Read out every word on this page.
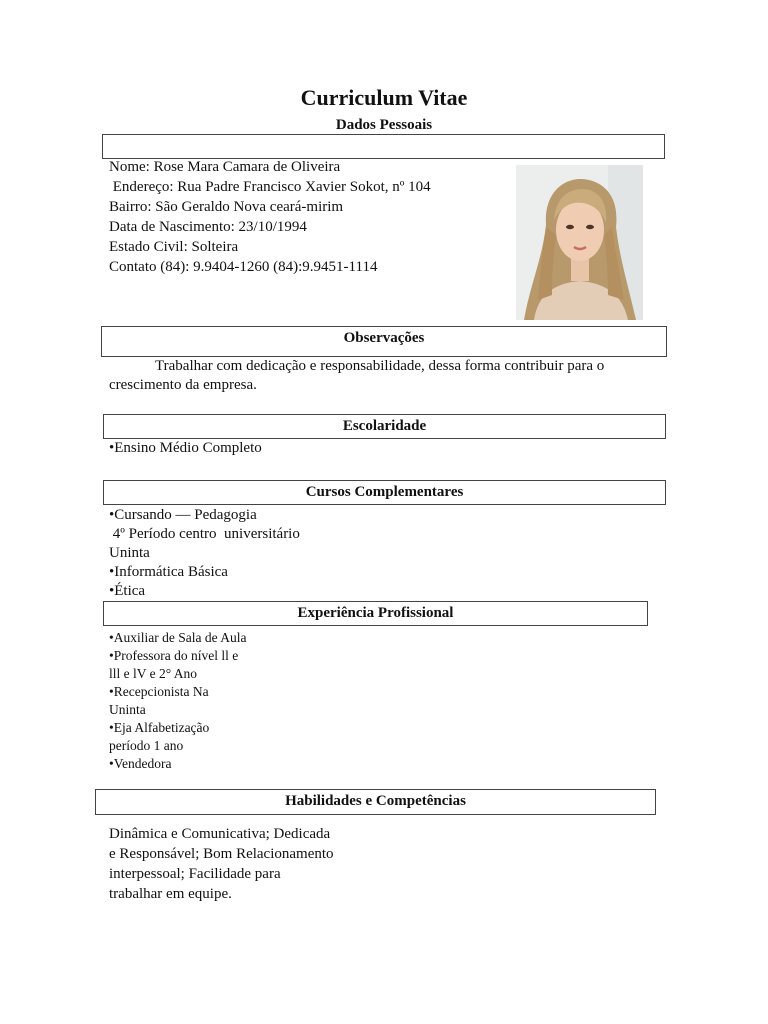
Curriculum Vitae
Dados Pessoais
Nome: Rose Mara Camara de Oliveira
Endereço: Rua Padre Francisco Xavier Sokot, nº 104
Bairro: São Geraldo Nova ceará-mirim
Data de Nascimento: 23/10/1994
Estado Civil: Solteira
Contato (84): 9.9404-1260 (84):9.9451-1114
Observações
Trabalhar com dedicação e responsabilidade, dessa forma contribuir para o
crescimento da empresa.
Escolaridade
•Ensino Médio Completo
Cursos Complementares
•Cursando — Pedagogia
4º Período centro  universitário
Uninta
•Informática Básica
•Ética
Experiência Profissional
•Auxiliar de Sala de Aula
•Professora do nível ll e
lll e lV e 2° Ano
•Recepcionista Na
Uninta
•Eja Alfabetização
período 1 ano
•Vendedora
Habilidades e Competências
Dinâmica e Comunicativa; Dedicada
e Responsável; Bom Relacionamento
interpessoal; Facilidade para
trabalhar em equipe.
